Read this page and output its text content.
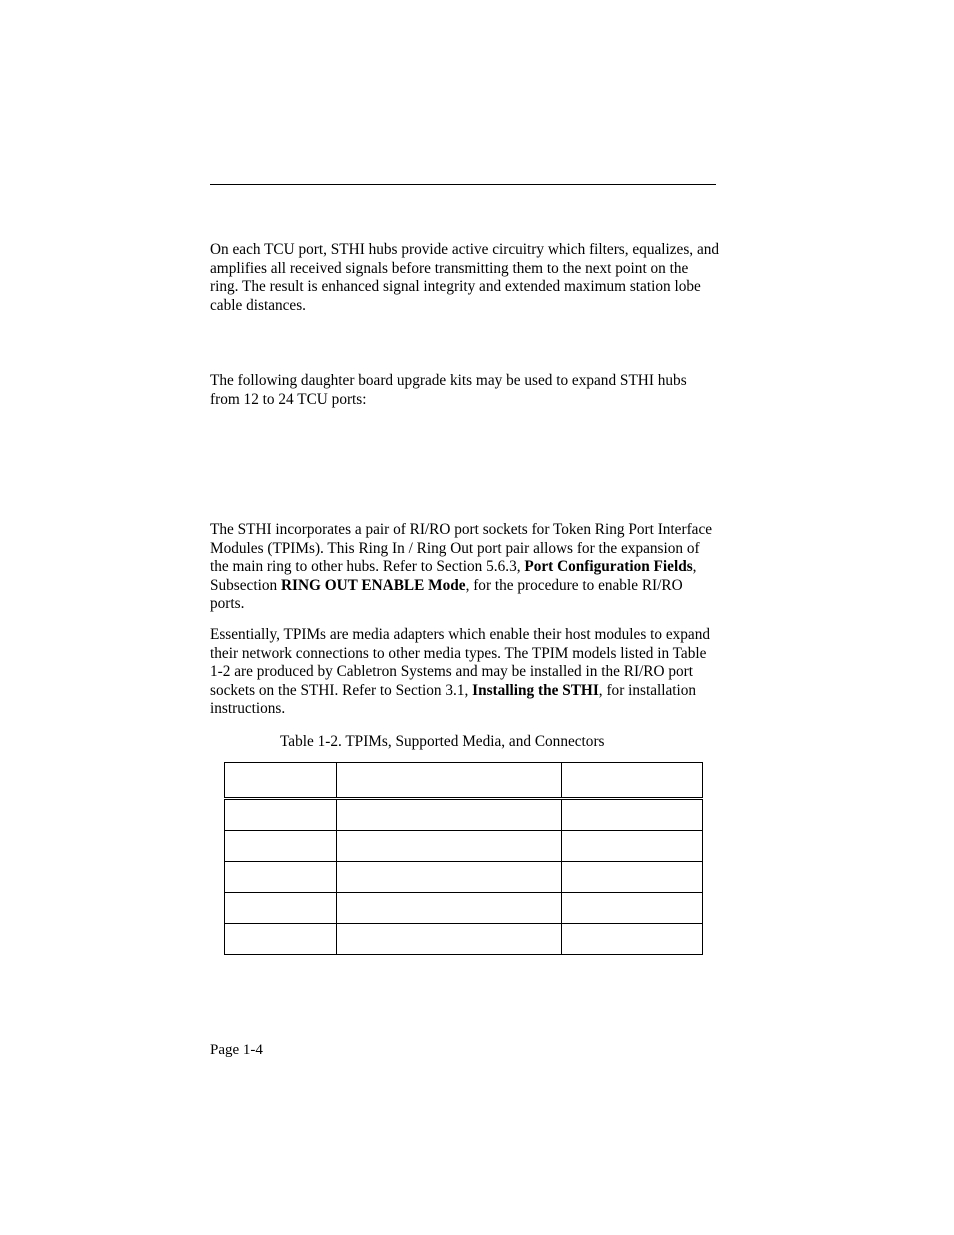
On each TCU port, STHI hubs provide active circuitry which filters, equalizes, and amplifies all received signals before transmitting them to the next point on the ring. The result is enhanced signal integrity and extended maximum station lobe cable distances.

The following daughter board upgrade kits may be used to expand STHI hubs from 12 to 24 TCU ports:

The STHI incorporates a pair of RI/RO port sockets for Token Ring Port Interface Modules (TPIMs). This Ring In / Ring Out port pair allows for the expansion of the main ring to other hubs. Refer to Section 5.6.3, Port Configuration Fields, Subsection RING OUT ENABLE Mode, for the procedure to enable RI/RO ports.

Essentially, TPIMs are media adapters which enable their host modules to expand their network connections to other media types. The TPIM models listed in Table 1-2 are produced by Cabletron Systems and may be installed in the RI/RO port sockets on the STHI. Refer to Section 3.1, Installing the STHI, for installation instructions.

Table 1-2. TPIMs, Supported Media, and Connectors

Page 1-4
